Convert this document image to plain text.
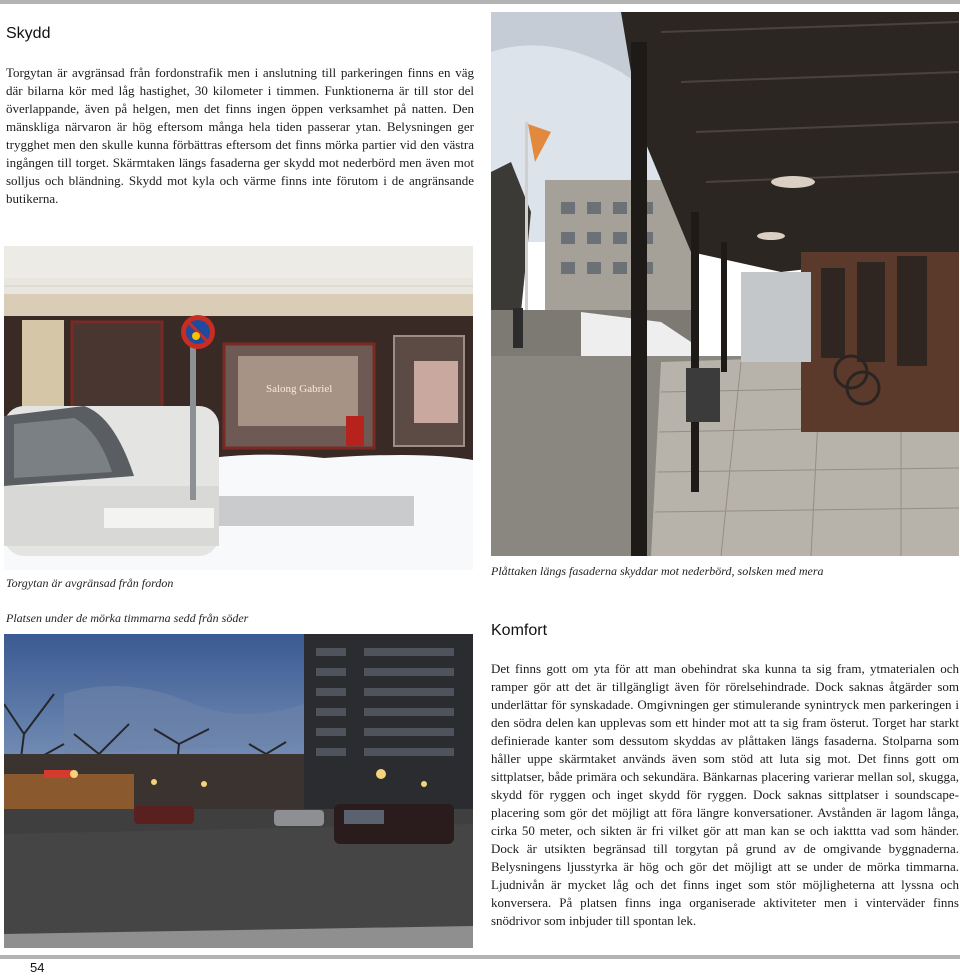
Skydd

Torgytan är avgränsad från fordonstrafik men i anslutning till parkeringen finns en väg där bilarna kör med låg hastighet, 30 kilometer i timmen. Funktionerna är till stor del överlappande, även på helgen, men det finns ingen öppen verksamhet på natten. Den mänskliga närvaron är hög eftersom många hela tiden passerar ytan. Belysningen ger trygghet men den skulle kunna förbättras eftersom det finns mörka partier vid den västra ingången till torget. Skärmtaken längs fasaderna ger skydd mot nederbörd men även mot solljus och bländning. Skydd mot kyla och värme finns inte förutom i de angränsande butikerna.

Salong Gabriel

Torgytan är avgränsad från fordon

Plåttaken längs fasaderna skyddar mot nederbörd, solsken med mera

Platsen under de mörka timmarna sedd från söder

Komfort

Det finns gott om yta för att man obehindrat ska kunna ta sig fram, ytmaterialen och ramper gör att det är tillgängligt även för rörelsehindrade. Dock saknas åtgärder som underlättar för synskadade. Omgivningen ger stimulerande synintryck men parkeringen i den södra delen kan upplevas som ett hinder mot att ta sig fram österut. Torget har starkt definierade kanter som dessutom skyddas av plåttaken längs fasaderna. Stolparna som håller uppe skärmtaket används även som stöd att luta sig mot. Det finns gott om sittplatser, både primära och sekundära. Bänkarnas placering varierar mellan sol, skugga, skydd för ryggen och inget skydd för ryggen. Dock saknas sittplatser i soundscape-placering som gör det möjligt att föra längre konversationer. Avstånden är lagom långa, cirka 50 meter, och sikten är fri vilket gör att man kan se och iakttta vad som händer. Dock är utsikten begränsad till torgytan på grund av de omgivande byggnaderna. Belysningens ljusstyrka är hög och gör det möjligt att se under de mörka timmarna. Ljudnivån är mycket låg och det finns inget som stör möjligheterna att lyssna och konversera. På platsen finns inga organiserade aktiviteter men i vinterväder finns snödrivor som inbjuder till spontan lek.

54
